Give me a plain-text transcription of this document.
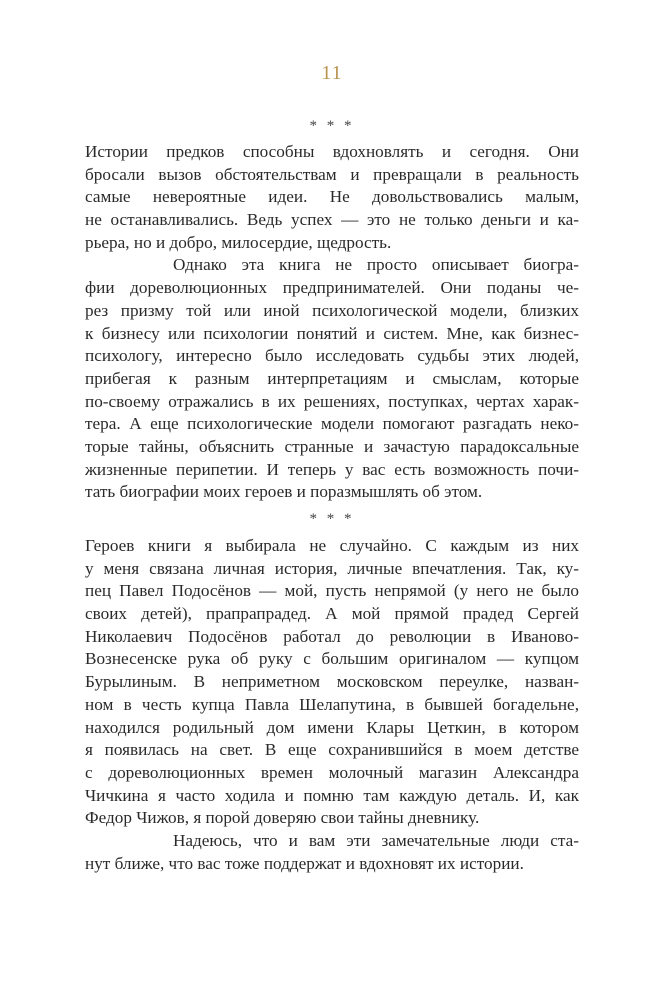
11
* * *
Истории предков способны вдохновлять и сегодня. Они
бросали вызов обстоятельствам и превращали в реальность
самые невероятные идеи. Не довольствовались малым,
не останавливались. Ведь успех — это не только деньги и ка-
рьера, но и добро, милосердие, щедрость.
Однако эта книга не просто описывает биогра-
фии дореволюционных предпринимателей. Они поданы че-
рез призму той или иной психологической модели, близких
к бизнесу или психологии понятий и систем. Мне, как бизнес-
психологу, интересно было исследовать судьбы этих людей,
прибегая к разным интерпретациям и смыслам, которые
по-своему отражались в их решениях, поступках, чертах харак-
тера. А еще психологические модели помогают разгадать неко-
торые тайны, объяснить странные и зачастую парадоксальные
жизненные перипетии. И теперь у вас есть возможность почи-
тать биографии моих героев и поразмышлять об этом.
* * *
Героев книги я выбирала не случайно. С каждым из них
у меня связана личная история, личные впечатления. Так, ку-
пец Павел Подосёнов — мой, пусть непрямой (у него не было
своих детей), прапрапрадед. А мой прямой прадед Сергей
Николаевич Подосёнов работал до революции в Иваново-
Вознесенске рука об руку с большим оригиналом — купцом
Бурылиным. В неприметном московском переулке, назван-
ном в честь купца Павла Шелапутина, в бывшей богадельне,
находился родильный дом имени Клары Цеткин, в котором
я появилась на свет. В еще сохранившийся в моем детстве
с дореволюционных времен молочный магазин Александра
Чичкина я часто ходила и помню там каждую деталь. И, как
Федор Чижов, я порой доверяю свои тайны дневнику.
Надеюсь, что и вам эти замечательные люди ста-
нут ближе, что вас тоже поддержат и вдохновят их истории.
